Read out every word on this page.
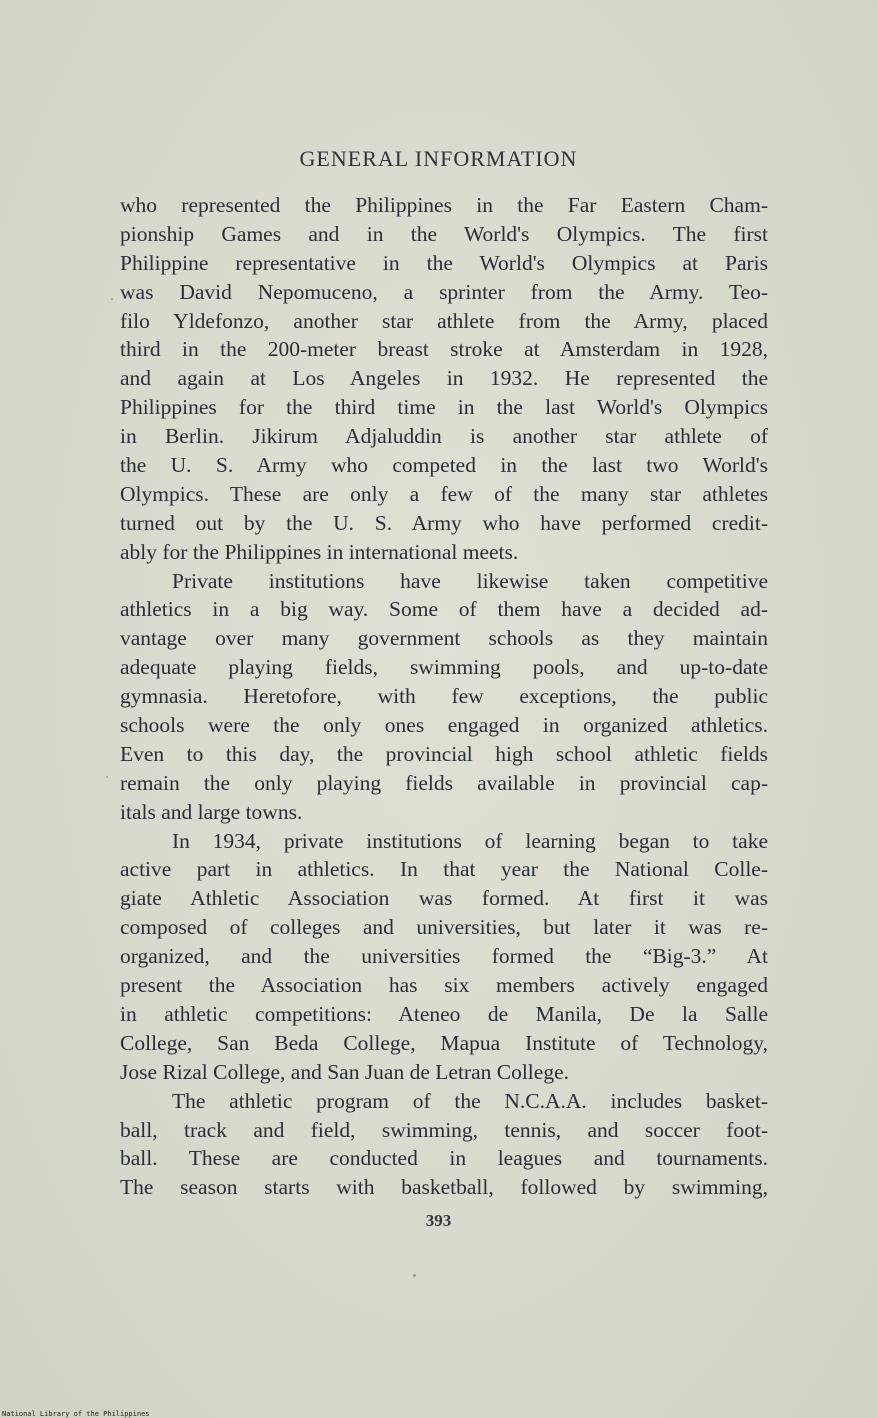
GENERAL INFORMATION
who represented the Philippines in the Far Eastern Cham-
pionship Games and in the World's Olympics. The first
Philippine representative in the World's Olympics at Paris
was David Nepomuceno, a sprinter from the Army. Teo-
filo Yldefonzo, another star athlete from the Army, placed
third in the 200-meter breast stroke at Amsterdam in 1928,
and again at Los Angeles in 1932. He represented the
Philippines for the third time in the last World's Olympics
in Berlin. Jikirum Adjaluddin is another star athlete of
the U. S. Army who competed in the last two World's
Olympics. These are only a few of the many star athletes
turned out by the U. S. Army who have performed credit-
ably for the Philippines in international meets.
Private institutions have likewise taken competitive
athletics in a big way. Some of them have a decided ad-
vantage over many government schools as they maintain
adequate playing fields, swimming pools, and up-to-date
gymnasia. Heretofore, with few exceptions, the public
schools were the only ones engaged in organized athletics.
Even to this day, the provincial high school athletic fields
remain the only playing fields available in provincial cap-
itals and large towns.
In 1934, private institutions of learning began to take
active part in athletics. In that year the National Colle-
giate Athletic Association was formed. At first it was
composed of colleges and universities, but later it was re-
organized, and the universities formed the “Big-3.” At
present the Association has six members actively engaged
in athletic competitions: Ateneo de Manila, De la Salle
College, San Beda College, Mapua Institute of Technology,
Jose Rizal College, and San Juan de Letran College.
The athletic program of the N.C.A.A. includes basket-
ball, track and field, swimming, tennis, and soccer foot-
ball. These are conducted in leagues and tournaments.
The season starts with basketball, followed by swimming,
393
National Library of the Philippines
